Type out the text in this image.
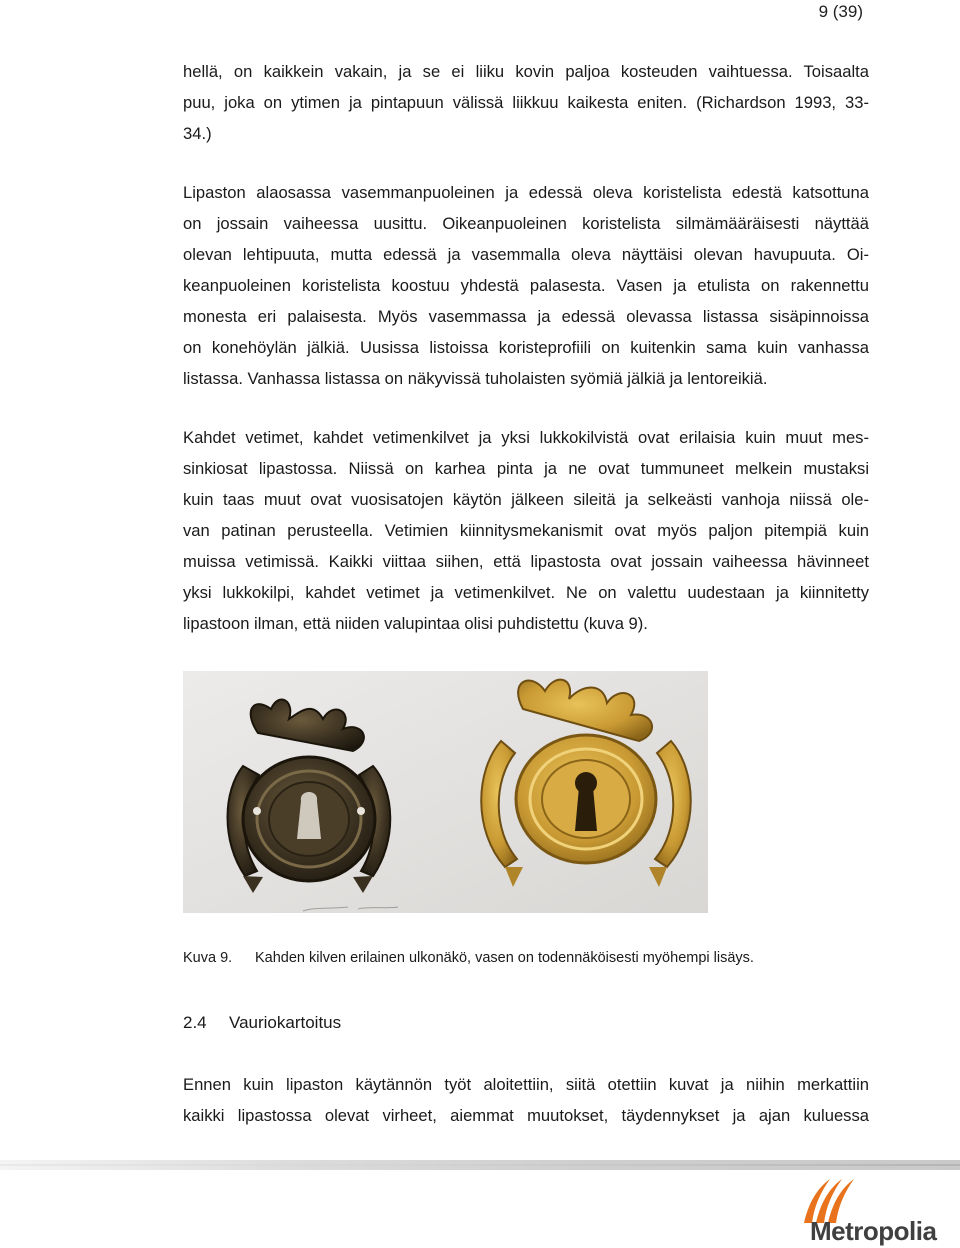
9 (39)
hellä, on kaikkein vakain, ja se ei liiku kovin paljoa kosteuden vaihtuessa. Toisaalta
puu, joka on ytimen ja pintapuun välissä liikkuu kaikesta eniten. (Richardson 1993, 33-
34.)
Lipaston alaosassa vasemmanpuoleinen ja edessä oleva koristelista edestä katsottuna
on jossain vaiheessa uusittu. Oikeanpuoleinen koristelista silmämääräisesti näyttää
olevan lehtipuuta, mutta edessä ja vasemmalla oleva näyttäisi olevan havupuuta. Oi-
keanpuoleinen koristelista koostuu yhdestä palasesta. Vasen ja etulista on rakennettu
monesta eri palaisesta. Myös vasemmassa ja edessä olevassa listassa sisäpinnoissa
on konehöylän jälkiä. Uusissa listoissa koristeprofiili on kuitenkin sama kuin vanhassa
listassa. Vanhassa listassa on näkyvissä tuholaisten syömiä jälkiä ja lentoreikiä.
Kahdet vetimet, kahdet vetimenkilvet ja yksi lukkokilvistä ovat erilaisia kuin muut mes-
sinkiosat lipastossa. Niissä on karhea pinta ja ne ovat tummuneet melkein mustaksi
kuin taas muut ovat vuosisatojen käytön jälkeen sileitä ja selkeästi vanhoja niissä ole-
van patinan perusteella. Vetimien kiinnitysmekanismit ovat myös paljon pitempiä kuin
muissa vetimissä. Kaikki viittaa siihen, että lipastosta ovat jossain vaiheessa hävinneet
yksi lukkokilpi, kahdet vetimet ja vetimenkilvet. Ne on valettu uudestaan ja kiinnitetty
lipastoon ilman, että niiden valupintaa olisi puhdistettu (kuva 9).
Kuva 9. Kahden kilven erilainen ulkonäkö, vasen on todennäköisesti myöhempi lisäys.
2.4 Vauriokartoitus
Ennen kuin lipaston käytännön työt aloitettiin, siitä otettiin kuvat ja niihin merkattiin
kaikki lipastossa olevat virheet, aiemmat muutokset, täydennykset ja ajan kuluessa
Metropolia
